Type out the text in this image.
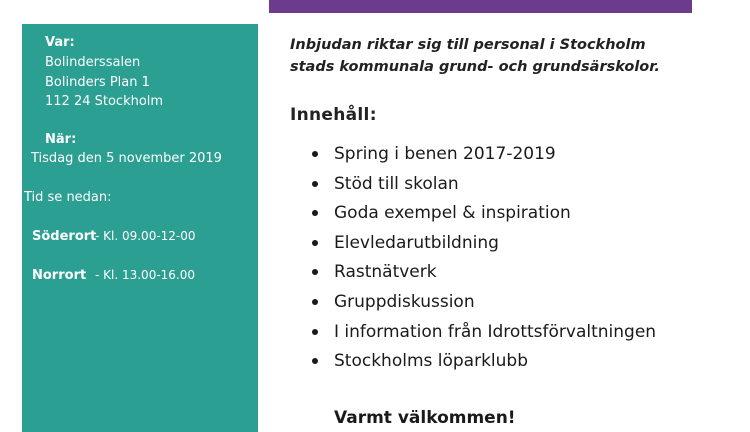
Var:
Bolinderssalen
Bolinders Plan 1
112 24 Stockholm
När:
Tisdag den 5 november 2019
Tid se nedan:
Söderort
- Kl. 09.00-12-00
Norrort - Kl. 13.00-16.00

Inbjudan riktar sig till personal i Stockholm
stads kommunala grund- och grundsärskolor.

Innehåll:
Spring i benen 2017-2019
Stöd till skolan
Goda exempel & inspiration
Elevledarutbildning
Rastnätverk
Gruppdiskussion
I information från Idrottsförvaltningen
Stockholms löparklubb

Varmt välkommen!
